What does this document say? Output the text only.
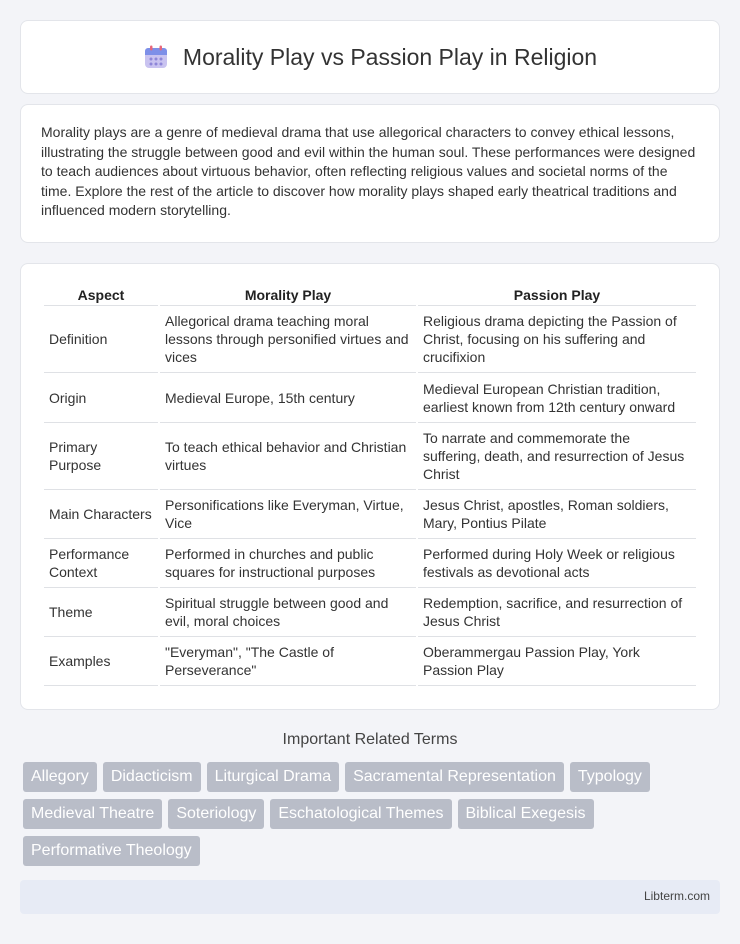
Morality Play vs Passion Play in Religion

Morality plays are a genre of medieval drama that use allegorical characters to convey ethical lessons, illustrating the struggle between good and evil within the human soul. These performances were designed to teach audiences about virtuous behavior, often reflecting religious values and societal norms of the time. Explore the rest of the article to discover how morality plays shaped early theatrical traditions and influenced modern storytelling.

Aspect	Morality Play	Passion Play
Definition	Allegorical drama teaching moral lessons through personified virtues and vices	Religious drama depicting the Passion of Christ, focusing on his suffering and crucifixion
Origin	Medieval Europe, 15th century	Medieval European Christian tradition, earliest known from 12th century onward
Primary Purpose	To teach ethical behavior and Christian virtues	To narrate and commemorate the suffering, death, and resurrection of Jesus Christ
Main Characters	Personifications like Everyman, Virtue, Vice	Jesus Christ, apostles, Roman soldiers, Mary, Pontius Pilate
Performance Context	Performed in churches and public squares for instructional purposes	Performed during Holy Week or religious festivals as devotional acts
Theme	Spiritual struggle between good and evil, moral choices	Redemption, sacrifice, and resurrection of Jesus Christ
Examples	"Everyman", "The Castle of Perseverance"	Oberammergau Passion Play, York Passion Play
Important Related Terms
Allegory	Didacticism	Liturgical Drama	Sacramental Representation	Typology
Medieval Theatre	Soteriology	Eschatological Themes	Biblical Exegesis
Performative Theology
Libterm.com
